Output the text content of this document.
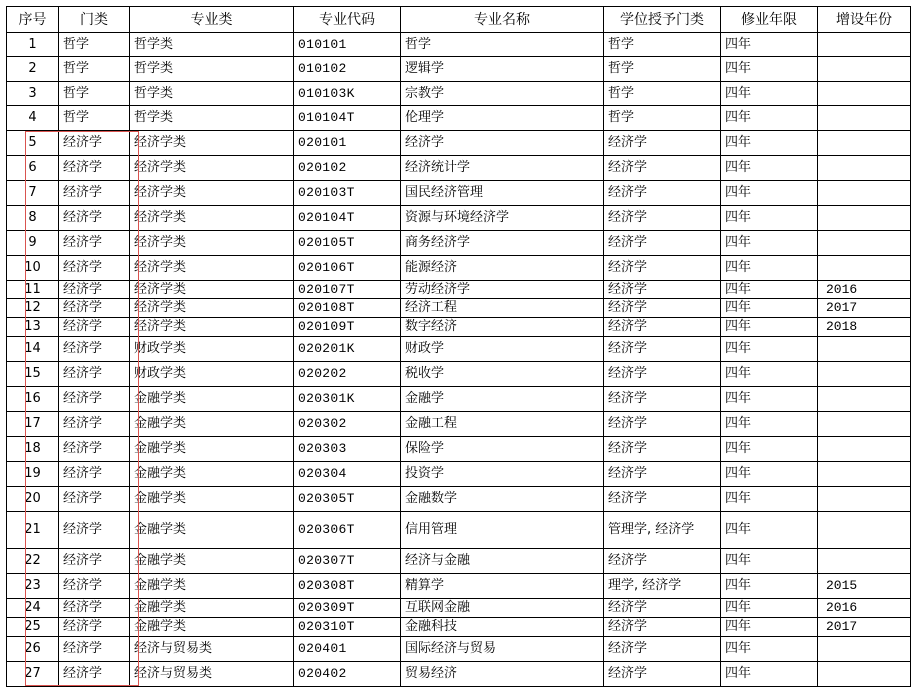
序号	门类	专业类	专业代码	专业名称	学位授予门类	修业年限	增设年份
1	哲学	哲学类	010101	哲学	哲学	四年	
2	哲学	哲学类	010102	逻辑学	哲学	四年	
3	哲学	哲学类	010103K	宗教学	哲学	四年	
4	哲学	哲学类	010104T	伦理学	哲学	四年	
5	经济学	经济学类	020101	经济学	经济学	四年	
6	经济学	经济学类	020102	经济统计学	经济学	四年	
7	经济学	经济学类	020103T	国民经济管理	经济学	四年	
8	经济学	经济学类	020104T	资源与环境经济学	经济学	四年	
9	经济学	经济学类	020105T	商务经济学	经济学	四年	
10	经济学	经济学类	020106T	能源经济	经济学	四年	
11	经济学	经济学类	020107T	劳动经济学	经济学	四年	2016
12	经济学	经济学类	020108T	经济工程	经济学	四年	2017
13	经济学	经济学类	020109T	数字经济	经济学	四年	2018
14	经济学	财政学类	020201K	财政学	经济学	四年	
15	经济学	财政学类	020202	税收学	经济学	四年	
16	经济学	金融学类	020301K	金融学	经济学	四年	
17	经济学	金融学类	020302	金融工程	经济学	四年	
18	经济学	金融学类	020303	保险学	经济学	四年	
19	经济学	金融学类	020304	投资学	经济学	四年	
20	经济学	金融学类	020305T	金融数学	经济学	四年	
21	经济学	金融学类	020306T	信用管理	管理学, 经济学	四年	
22	经济学	金融学类	020307T	经济与金融	经济学	四年	
23	经济学	金融学类	020308T	精算学	理学, 经济学	四年	2015
24	经济学	金融学类	020309T	互联网金融	经济学	四年	2016
25	经济学	金融学类	020310T	金融科技	经济学	四年	2017
26	经济学	经济与贸易类	020401	国际经济与贸易	经济学	四年	
27	经济学	经济与贸易类	020402	贸易经济	经济学	四年	
